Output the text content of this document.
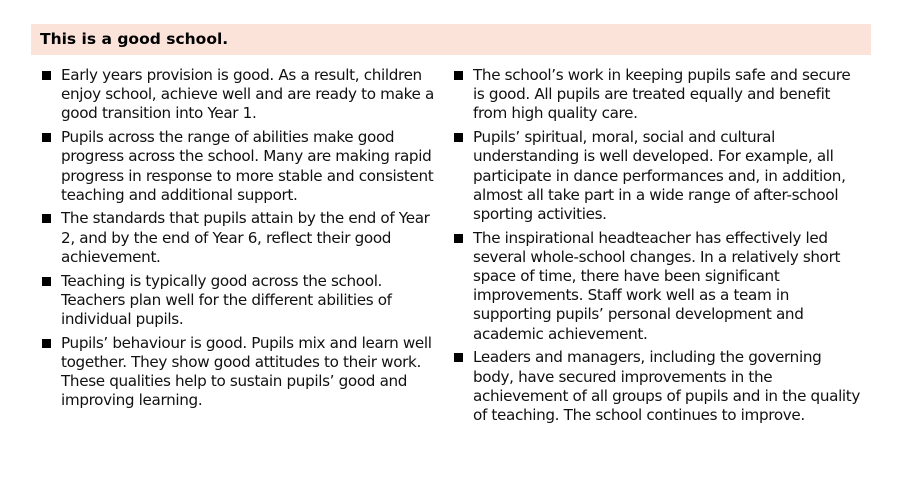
This is a good school.
Early years provision is good. As a result, children enjoy school, achieve well and are ready to make a good transition into Year 1.
Pupils across the range of abilities make good progress across the school. Many are making rapid progress in response to more stable and consistent teaching and additional support.
The standards that pupils attain by the end of Year 2, and by the end of Year 6, reflect their good achievement.
Teaching is typically good across the school. Teachers plan well for the different abilities of individual pupils.
Pupils’ behaviour is good. Pupils mix and learn well together. They show good attitudes to their work. These qualities help to sustain pupils’ good and improving learning.
The school’s work in keeping pupils safe and secure is good. All pupils are treated equally and benefit from high quality care.
Pupils’ spiritual, moral, social and cultural understanding is well developed. For example, all participate in dance performances and, in addition, almost all take part in a wide range of after-school sporting activities.
The inspirational headteacher has effectively led several whole-school changes. In a relatively short space of time, there have been significant improvements. Staff work well as a team in supporting pupils’ personal development and academic achievement.
Leaders and managers, including the governing body, have secured improvements in the achievement of all groups of pupils and in the quality of teaching. The school continues to improve.
